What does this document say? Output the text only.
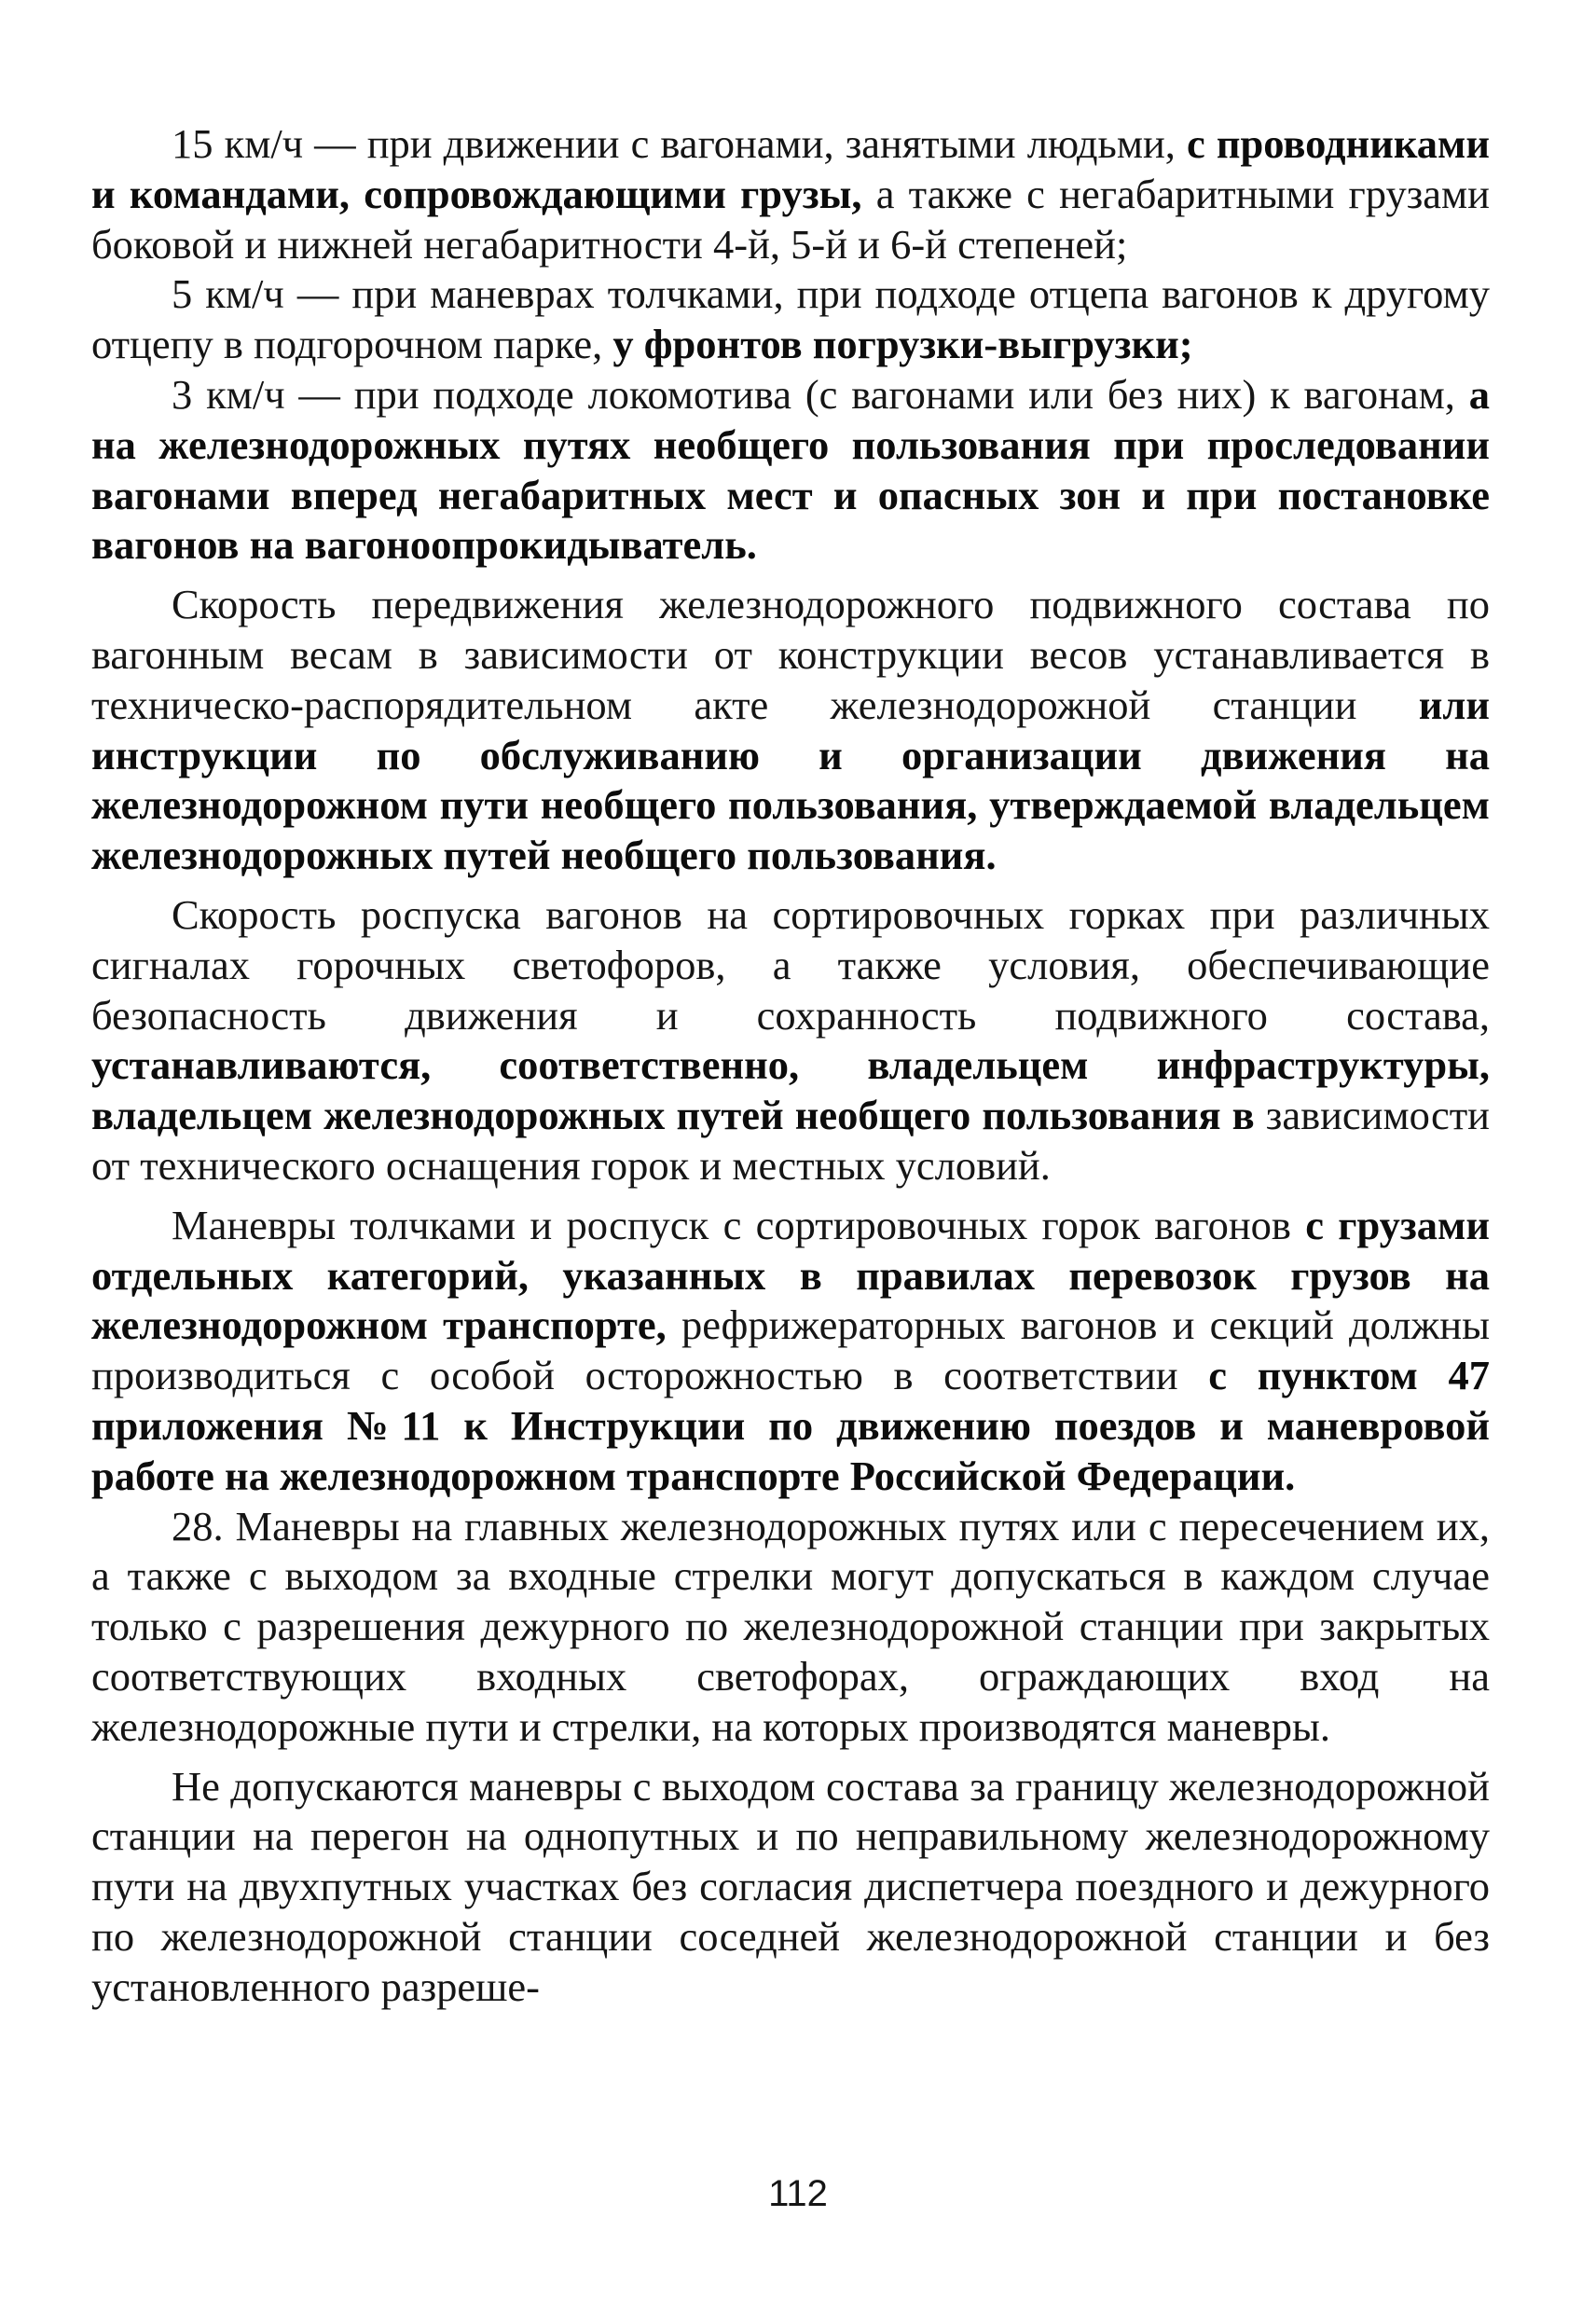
15 км/ч — при движении с вагонами, занятыми людьми, с проводниками и командами, сопровождающими грузы, а также с негабаритными грузами боковой и нижней негабаритности 4-й, 5-й и 6-й степеней;

5 км/ч — при маневрах толчками, при подходе отцепа вагонов к другому отцепу в подгорочном парке, у фронтов погрузки-выгрузки;

3 км/ч — при подходе локомотива (с вагонами или без них) к вагонам, а на железнодорожных путях необщего пользования при проследовании вагонами вперед негабаритных мест и опасных зон и при постановке вагонов на вагоноопрокидыватель.

Скорость передвижения железнодорожного подвижного состава по вагонным весам в зависимости от конструкции весов устанавливается в техническо-распорядительном акте железнодорожной станции или инструкции по обслуживанию и организации движения на железнодорожном пути необщего пользования, утверждаемой владельцем железнодорожных путей необщего пользования.

Скорость роспуска вагонов на сортировочных горках при различных сигналах горочных светофоров, а также условия, обеспечивающие безопасность движения и сохранность подвижного состава, устанавливаются, соответственно, владельцем инфраструктуры, владельцем железнодорожных путей необщего пользования в зависимости от технического оснащения горок и местных условий.

Маневры толчками и роспуск с сортировочных горок вагонов с грузами отдельных категорий, указанных в правилах перевозок грузов на железнодорожном транспорте, рефрижераторных вагонов и секций должны производиться с особой осторожностью в соответствии с пунктом 47 приложения №11 к Инструкции по движению поездов и маневровой работе на железнодорожном транспорте Российской Федерации.

28. Маневры на главных железнодорожных путях или с пересечением их, а также с выходом за входные стрелки могут допускаться в каждом случае только с разрешения дежурного по железнодорожной станции при закрытых соответствующих входных светофорах, ограждающих вход на железнодорожные пути и стрелки, на которых производятся маневры.

Не допускаются маневры с выходом состава за границу железнодорожной станции на перегон на однопутных и по неправильному железнодорожному пути на двухпутных участках без согласия диспетчера поездного и дежурного по железнодорожной станции соседней железнодорожной станции и без установленного разреше-

112
